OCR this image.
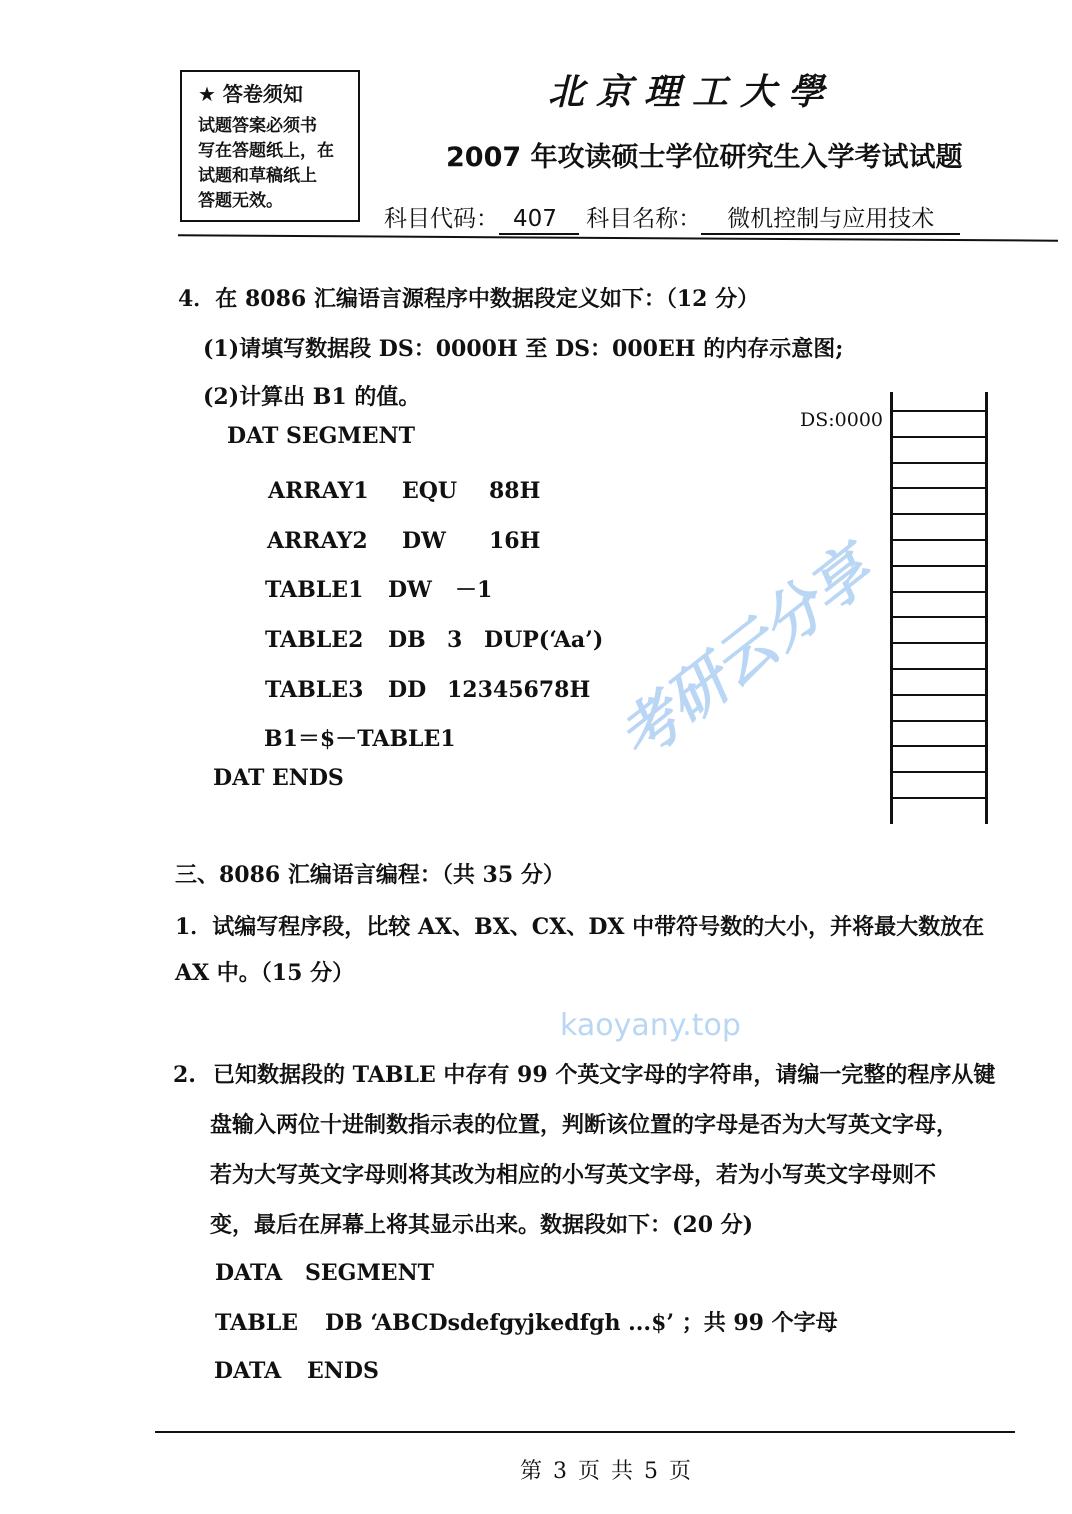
考研云分享
kaoyany.top
★ 答卷须知
试题答案必须书
写在答题纸上，在
试题和草稿纸上
答题无效。
北京理工大學
2007 年攻读硕士学位研究生入学考试试题
科目代码： 407 科目名称： 微机控制与应用技术
4．在 8086 汇编语言源程序中数据段定义如下：（12 分）
(1)请填写数据段 DS：0000H 至 DS：000EH 的内存示意图;
(2)计算出 B1 的值。
DAT SEGMENT
ARRAY1 EQU 88H
ARRAY2 DW 16H
TABLE1 DW －1
TABLE2 DB 3 DUP(‘Aa’)
TABLE3 DD 12345678H
B1＝$－TABLE1
DAT ENDS
DS:0000
三、8086 汇编语言编程：（共 35 分）
1．试编写程序段，比较 AX、BX、CX、DX 中带符号数的大小，并将最大数放在
AX 中。（15 分）
2. 已知数据段的 TABLE 中存有 99 个英文字母的字符串，请编一完整的程序从键
盘输入两位十进制数指示表的位置，判断该位置的字母是否为大写英文字母，
若为大写英文字母则将其改为相应的小写英文字母，若为小写英文字母则不
变，最后在屏幕上将其显示出来。数据段如下：(20 分)
DATA SEGMENT
TABLE DB ‘ABCDsdefgyjkedfgh ...$’ ；共 99 个字母
DATA ENDS
第 3 页 共 5 页
